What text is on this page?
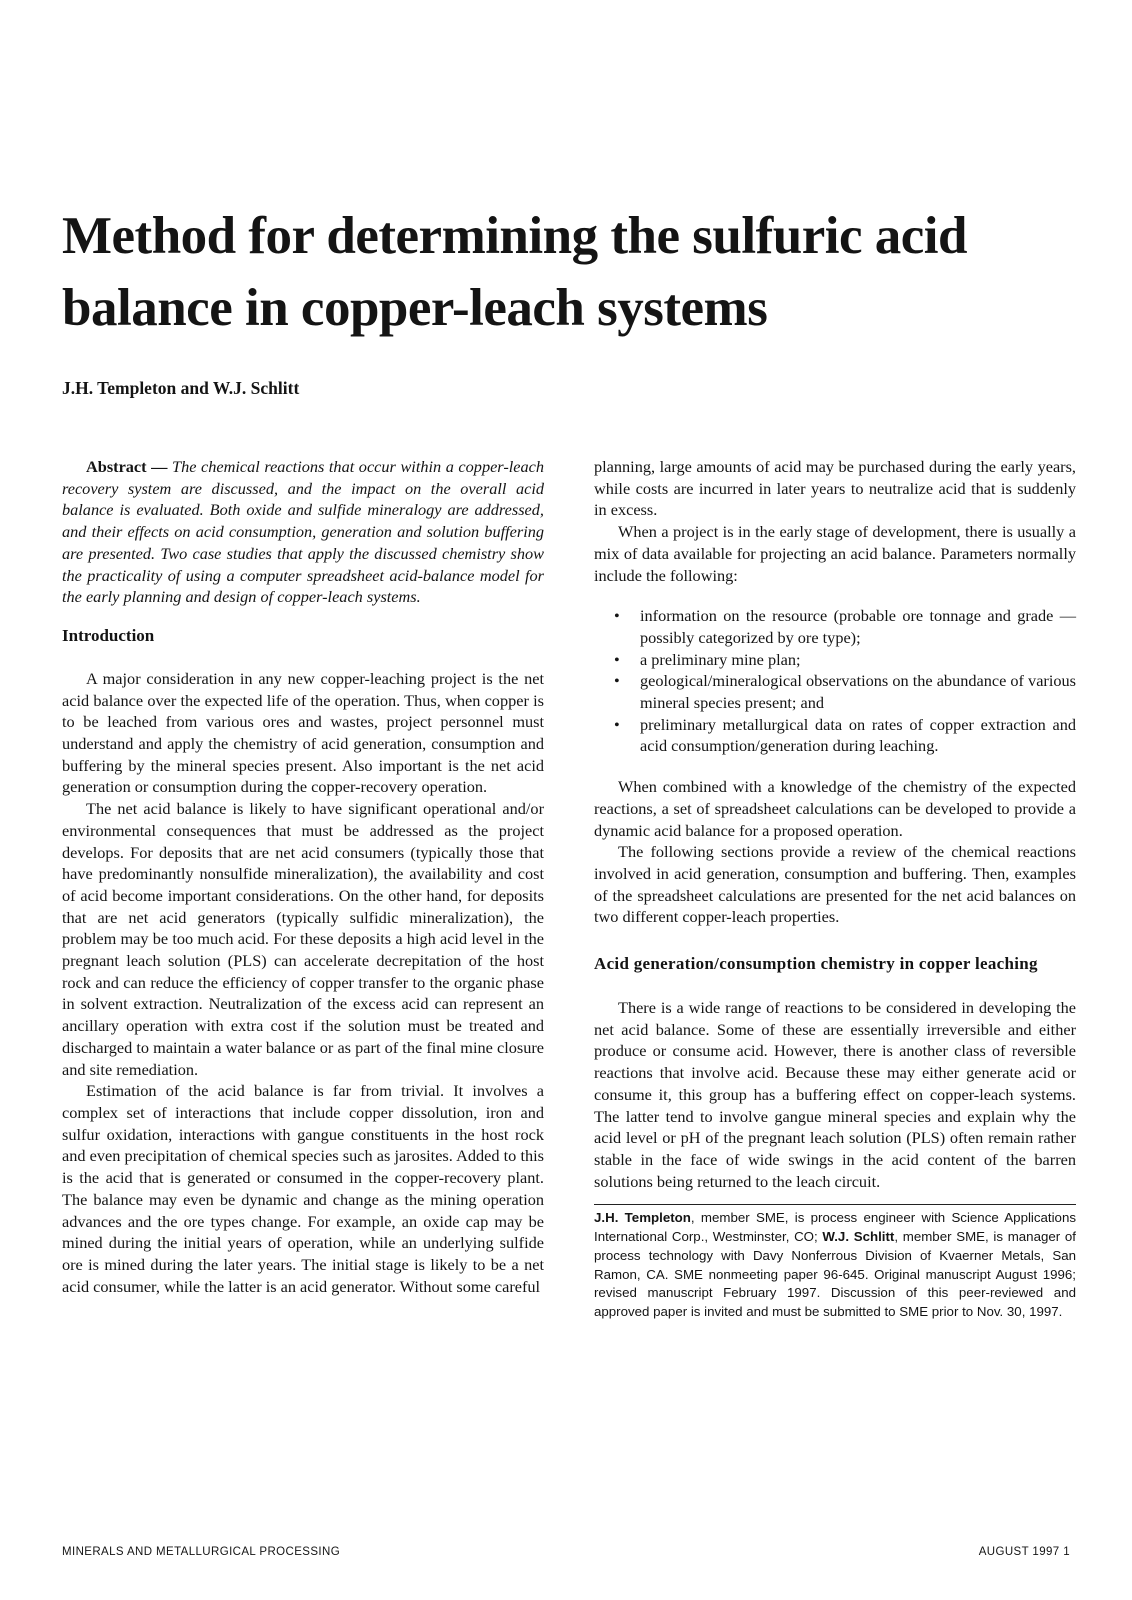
Method for determining the sulfuric acid balance in copper-leach systems

J.H. Templeton and W.J. Schlitt

Abstract — The chemical reactions that occur within a copper-leach recovery system are discussed, and the impact on the overall acid balance is evaluated. Both oxide and sulfide mineralogy are addressed, and their effects on acid consumption, generation and solution buffering are presented. Two case studies that apply the discussed chemistry show the practicality of using a computer spreadsheet acid-balance model for the early planning and design of copper-leach systems.

Introduction

A major consideration in any new copper-leaching project is the net acid balance over the expected life of the operation. Thus, when copper is to be leached from various ores and wastes, project personnel must understand and apply the chemistry of acid generation, consumption and buffering by the mineral species present. Also important is the net acid generation or consumption during the copper-recovery operation.

The net acid balance is likely to have significant operational and/or environmental consequences that must be addressed as the project develops. For deposits that are net acid consumers (typically those that have predominantly nonsulfide mineralization), the availability and cost of acid become important considerations. On the other hand, for deposits that are net acid generators (typically sulfidic mineralization), the problem may be too much acid. For these deposits a high acid level in the pregnant leach solution (PLS) can accelerate decrepitation of the host rock and can reduce the efficiency of copper transfer to the organic phase in solvent extraction. Neutralization of the excess acid can represent an ancillary operation with extra cost if the solution must be treated and discharged to maintain a water balance or as part of the final mine closure and site remediation.

Estimation of the acid balance is far from trivial. It involves a complex set of interactions that include copper dissolution, iron and sulfur oxidation, interactions with gangue constituents in the host rock and even precipitation of chemical species such as jarosites. Added to this is the acid that is generated or consumed in the copper-recovery plant. The balance may even be dynamic and change as the mining operation advances and the ore types change. For example, an oxide cap may be mined during the initial years of operation, while an underlying sulfide ore is mined during the later years. The initial stage is likely to be a net acid consumer, while the latter is an acid generator. Without some careful

planning, large amounts of acid may be purchased during the early years, while costs are incurred in later years to neutralize acid that is suddenly in excess.

When a project is in the early stage of development, there is usually a mix of data available for projecting an acid balance. Parameters normally include the following:

• information on the resource (probable ore tonnage and grade — possibly categorized by ore type);
• a preliminary mine plan;
• geological/mineralogical observations on the abundance of various mineral species present; and
• preliminary metallurgical data on rates of copper extraction and acid consumption/generation during leaching.

When combined with a knowledge of the chemistry of the expected reactions, a set of spreadsheet calculations can be developed to provide a dynamic acid balance for a proposed operation.

The following sections provide a review of the chemical reactions involved in acid generation, consumption and buffering. Then, examples of the spreadsheet calculations are presented for the net acid balances on two different copper-leach properties.

Acid generation/consumption chemistry in copper leaching

There is a wide range of reactions to be considered in developing the net acid balance. Some of these are essentially irreversible and either produce or consume acid. However, there is another class of reversible reactions that involve acid. Because these may either generate acid or consume it, this group has a buffering effect on copper-leach systems. The latter tend to involve gangue mineral species and explain why the acid level or pH of the pregnant leach solution (PLS) often remain rather stable in the face of wide swings in the acid content of the barren solutions being returned to the leach circuit.

J.H. Templeton, member SME, is process engineer with Science Applications International Corp., Westminster, CO; W.J. Schlitt, member SME, is manager of process technology with Davy Nonferrous Division of Kvaerner Metals, San Ramon, CA. SME nonmeeting paper 96-645. Original manuscript August 1996; revised manuscript February 1997. Discussion of this peer-reviewed and approved paper is invited and must be submitted to SME prior to Nov. 30, 1997.
MINERALS AND METALLURGICAL PROCESSING	AUGUST 1997 1
